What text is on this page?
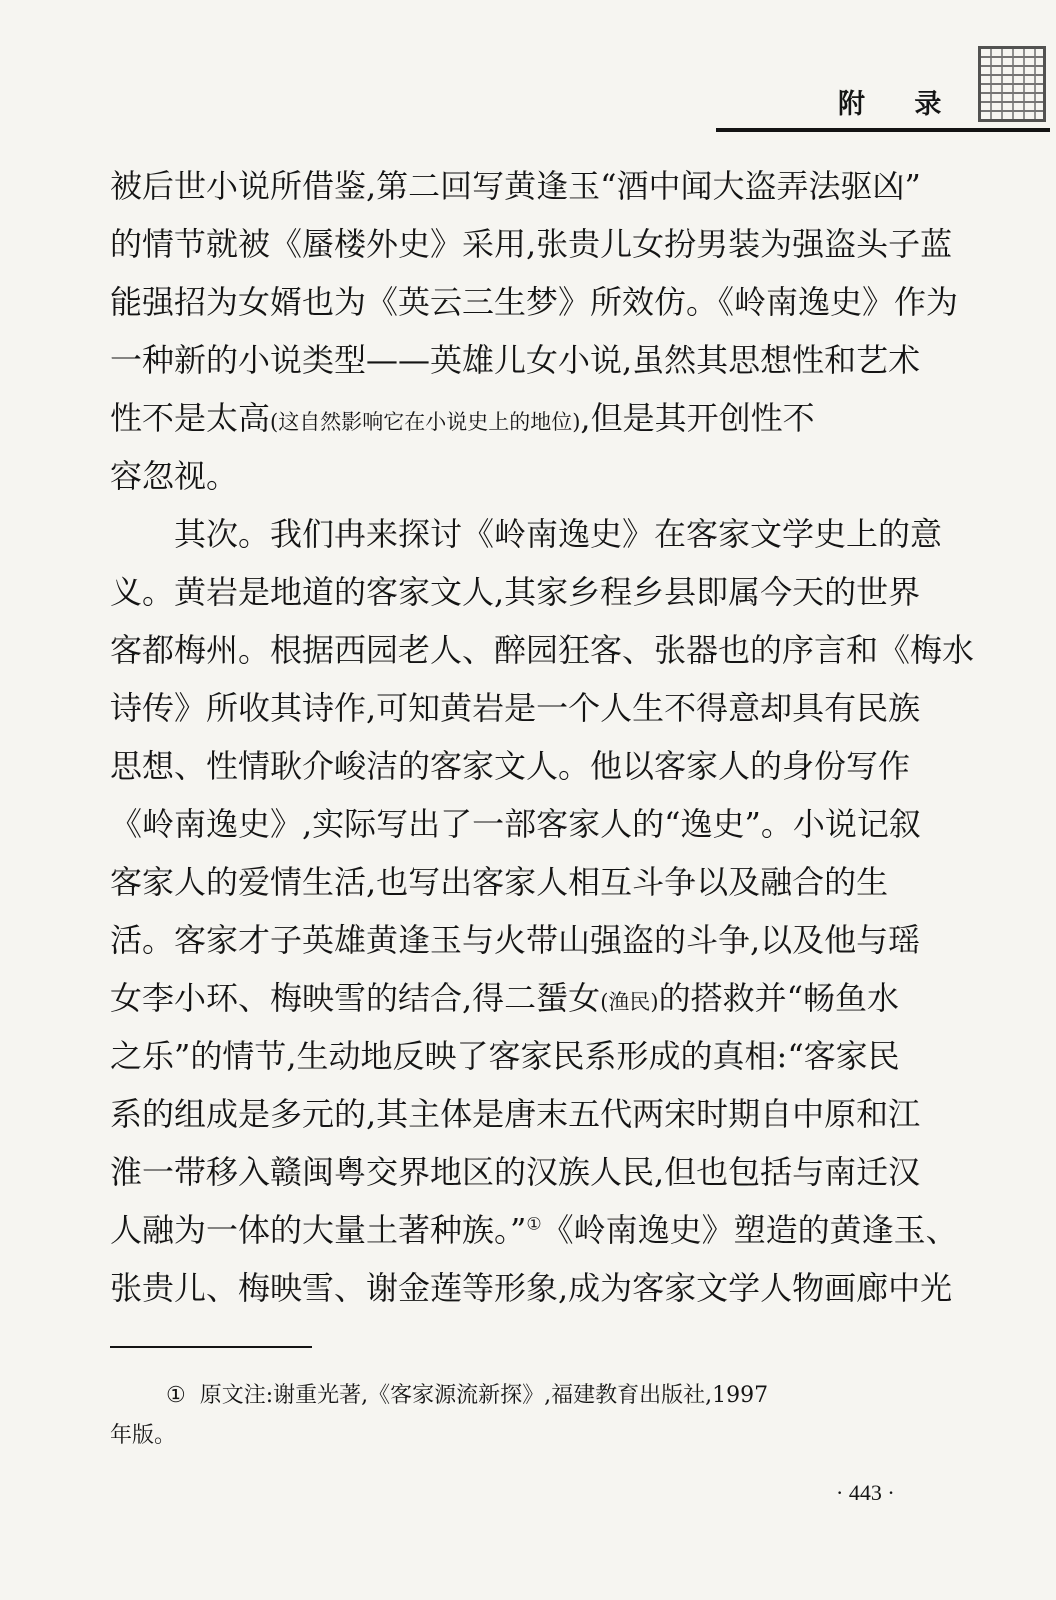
附 录
被后世小说所借鉴,第二回写黄逢玉“酒中闻大盗弄法驱凶”
的情节就被《蜃楼外史》采用,张贵儿女扮男装为强盗头子蓝
能强招为女婿也为《英云三生梦》所效仿。《岭南逸史》作为
一种新的小说类型——英雄儿女小说,虽然其思想性和艺术
性不是太高(这自然影响它在小说史上的地位),但是其开创性不
容忽视。
其次。我们冉来探讨《岭南逸史》在客家文学史上的意
义。黄岩是地道的客家文人,其家乡程乡县即属今天的世界
客都梅州。根据西园老人、醉园狂客、张器也的序言和《梅水
诗传》所收其诗作,可知黄岩是一个人生不得意却具有民族
思想、性情耿介峻洁的客家文人。他以客家人的身份写作
《岭南逸史》,实际写出了一部客家人的“逸史”。小说记叙
客家人的爱情生活,也写出客家人相互斗争以及融合的生
活。客家才子英雄黄逢玉与火带山强盗的斗争,以及他与瑶
女李小环、梅映雪的结合,得二蜑女(渔民)的搭救并“畅鱼水
之乐”的情节,生动地反映了客家民系形成的真相:“客家民
系的组成是多元的,其主体是唐末五代两宋时期自中原和江
淮一带移入赣闽粤交界地区的汉族人民,但也包括与南迁汉
人融为一体的大量土著种族。”①《岭南逸史》塑造的黄逢玉、
张贵儿、梅映雪、谢金莲等形象,成为客家文学人物画廊中光
① 原文注:谢重光著,《客家源流新探》,福建教育出版社,1997
年版。
· 443 ·
